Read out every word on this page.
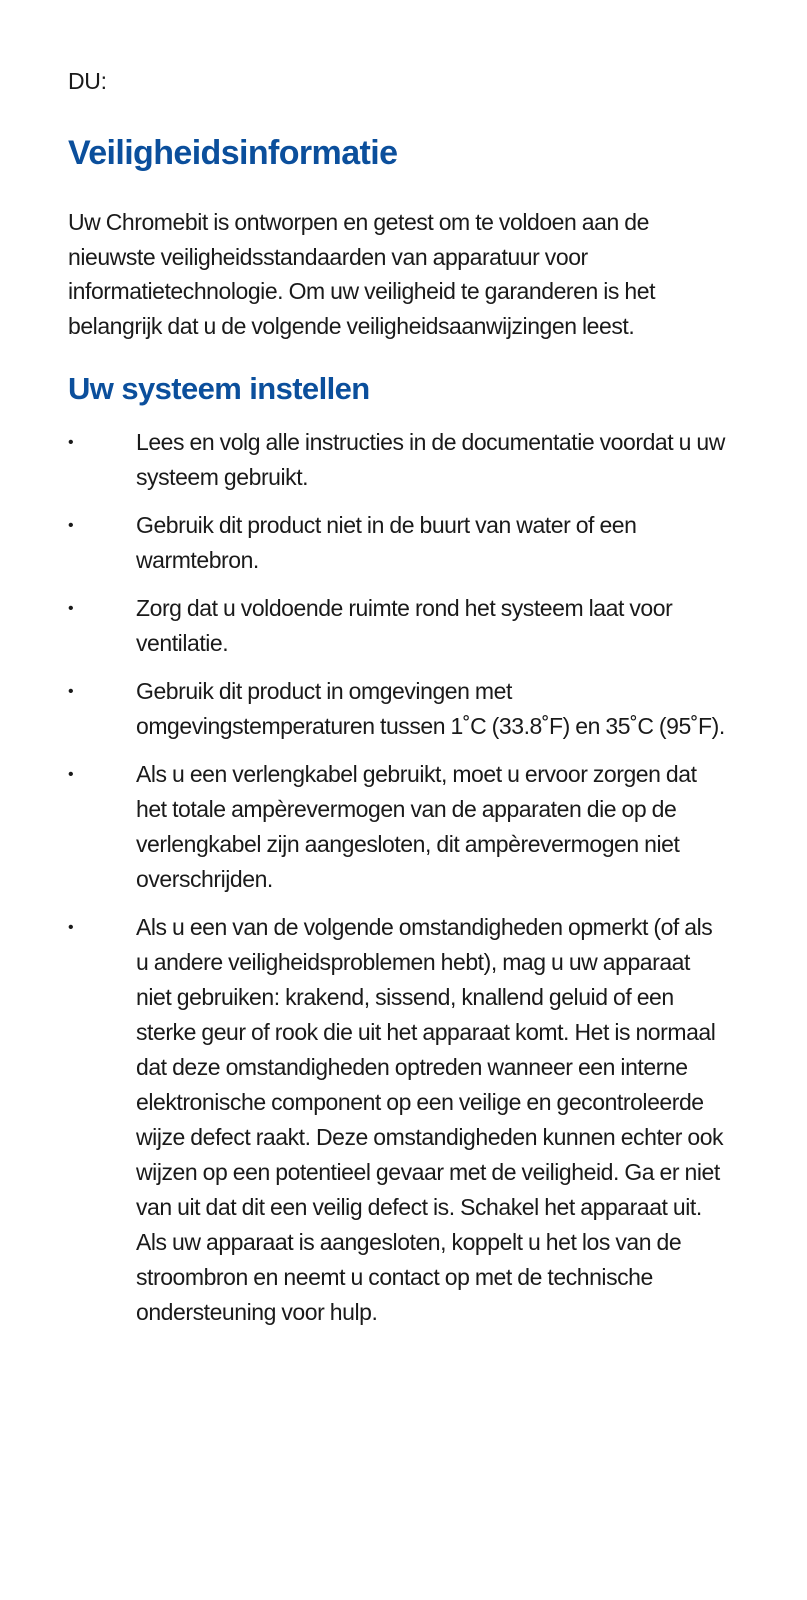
DU:

Veiligheidsinformatie

Uw Chromebit is ontworpen en getest om te voldoen aan de nieuwste veiligheidsstandaarden van apparatuur voor informatietechnologie. Om uw veiligheid te garanderen is het belangrijk dat u de volgende veiligheidsaanwijzingen leest.

Uw systeem instellen
•	Lees en volg alle instructies in de documentatie voordat u uw systeem gebruikt.
•	Gebruik dit product niet in de buurt van water of een warmtebron.
•	Zorg dat u voldoende ruimte rond het systeem laat voor ventilatie.
•	Gebruik dit product in omgevingen met omgevingstemperaturen tussen 1˚C (33.8˚F) en 35˚C (95˚F).
•	Als u een verlengkabel gebruikt, moet u ervoor zorgen dat het totale ampèrevermogen van de apparaten die op de verlengkabel zijn aangesloten, dit ampèrevermogen niet overschrijden.
•	Als u een van de volgende omstandigheden opmerkt (of als u andere veiligheidsproblemen hebt), mag u uw apparaat niet gebruiken: krakend, sissend, knallend geluid of een sterke geur of rook die uit het apparaat komt. Het is normaal dat deze omstandigheden optreden wanneer een interne elektronische component op een veilige en gecontroleerde wijze defect raakt. Deze omstandigheden kunnen echter ook wijzen op een potentieel gevaar met de veiligheid. Ga er niet van uit dat dit een veilig defect is. Schakel het apparaat uit. Als uw apparaat is aangesloten, koppelt u het los van de stroombron en neemt u contact op met de technische ondersteuning voor hulp.
